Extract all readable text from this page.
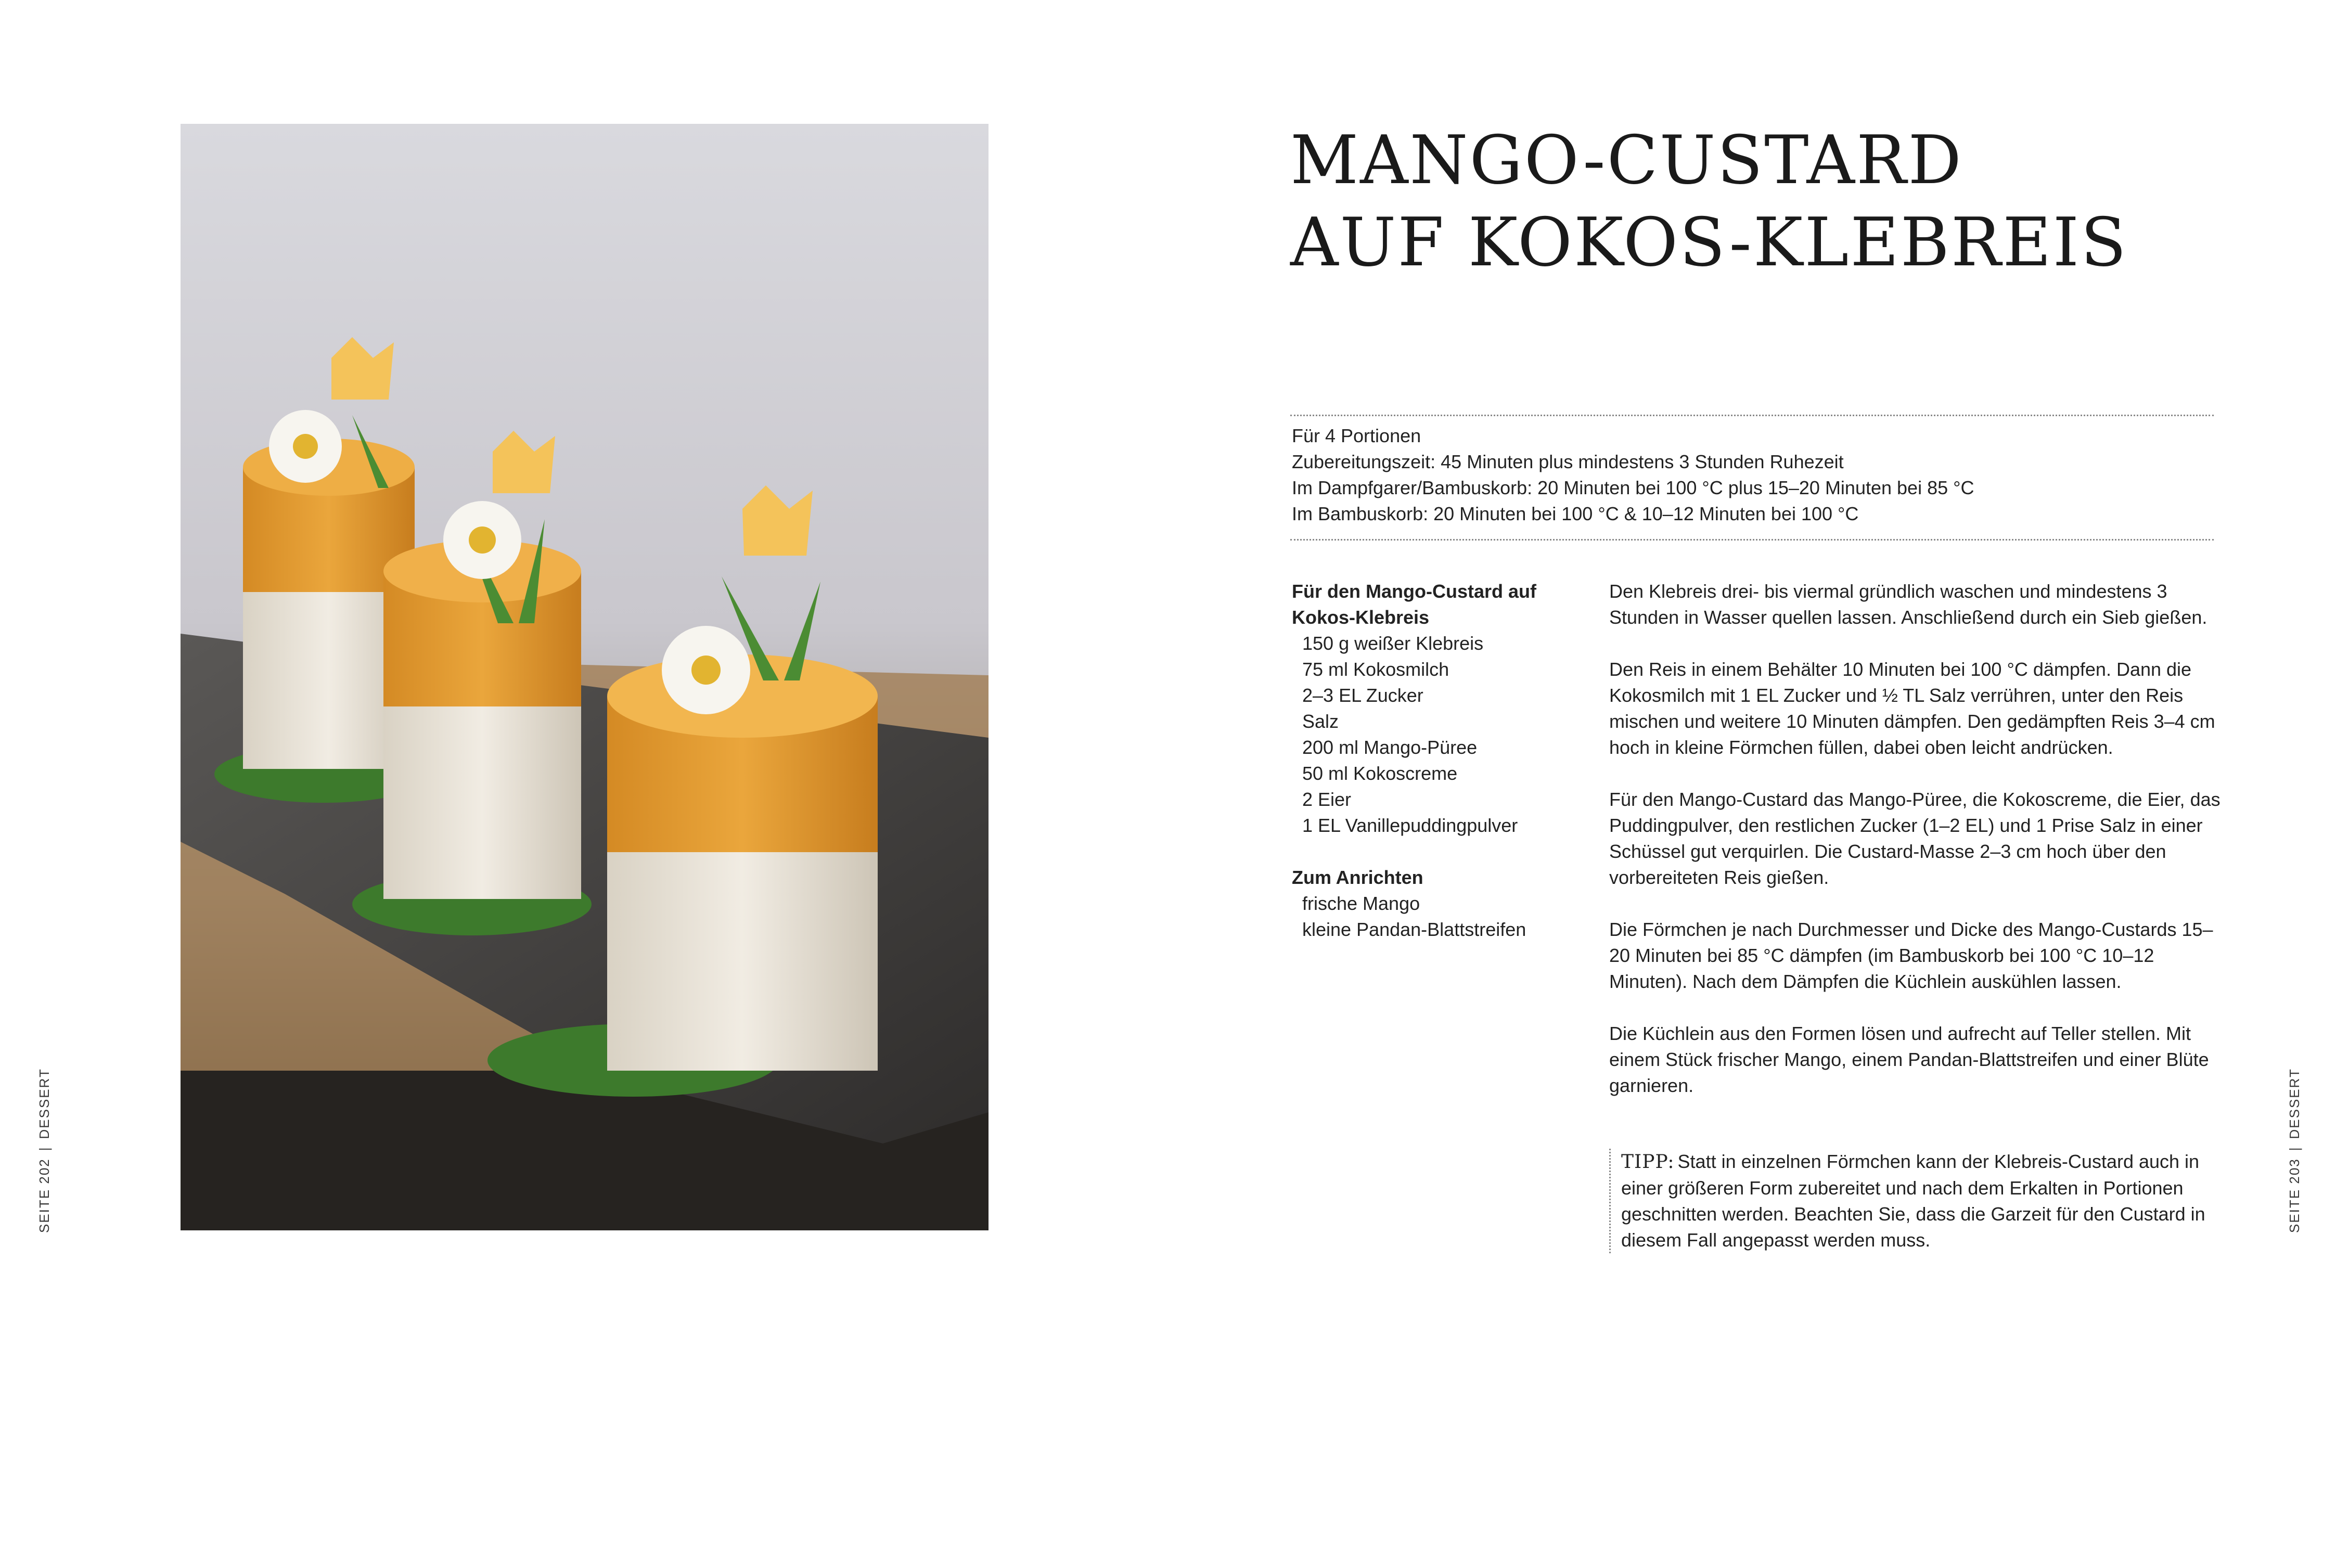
SEITE 202|DESSERT
SEITE 203|DESSERT
MANGO-CUSTARD
AUF KOKOS-KLEBREIS
Für 4 Portionen
Zubereitungszeit: 45 Minuten plus mindestens 3 Stunden Ruhezeit
Im Dampfgarer/Bambuskorb: 20 Minuten bei 100 °C plus 15–20 Minuten bei 85 °C
Im Bambuskorb: 20 Minuten bei 100 °C & 10–12 Minuten bei 100 °C
Für den Mango-Custard auf
Kokos-Klebreis
150 g weißer Klebreis
75 ml Kokosmilch
2–3 EL Zucker
Salz
200 ml Mango-Püree
50 ml Kokoscreme
2 Eier
1 EL Vanillepuddingpulver
Zum Anrichten
frische Mango
kleine Pandan-Blattstreifen

Den Klebreis drei- bis viermal gründlich waschen und mindestens 3 Stunden in Wasser quellen lassen. Anschließend durch ein Sieb gießen.

Den Reis in einem Behälter 10 Minuten bei 100 °C dämpfen. Dann die Kokosmilch mit 1 EL Zucker und ½ TL Salz verrühren, unter den Reis mischen und weitere 10 Minuten dämpfen. Den gedämpften Reis 3–4 cm hoch in kleine Förmchen füllen, dabei oben leicht andrücken.

Für den Mango-Custard das Mango-Püree, die Kokoscreme, die Eier, das Puddingpulver, den restlichen Zucker (1–2 EL) und 1 Prise Salz in einer Schüssel gut verquirlen. Die Custard-Masse 2–3 cm hoch über den vorbereiteten Reis gießen.

Die Förmchen je nach Durchmesser und Dicke des Mango-Custards 15–20 Minuten bei 85 °C dämpfen (im Bambuskorb bei 100 °C 10–12 Minuten). Nach dem Dämpfen die Küchlein auskühlen lassen.

Die Küchlein aus den Formen lösen und aufrecht auf Teller stellen. Mit einem Stück frischer Mango, einem Pandan-Blattstreifen und einer Blüte garnieren.

TIPP: Statt in einzelnen Förmchen kann der Klebreis-Custard auch in einer größeren Form zubereitet und nach dem Erkalten in Portionen geschnitten werden. Beachten Sie, dass die Garzeit für den Custard in diesem Fall angepasst werden muss.
